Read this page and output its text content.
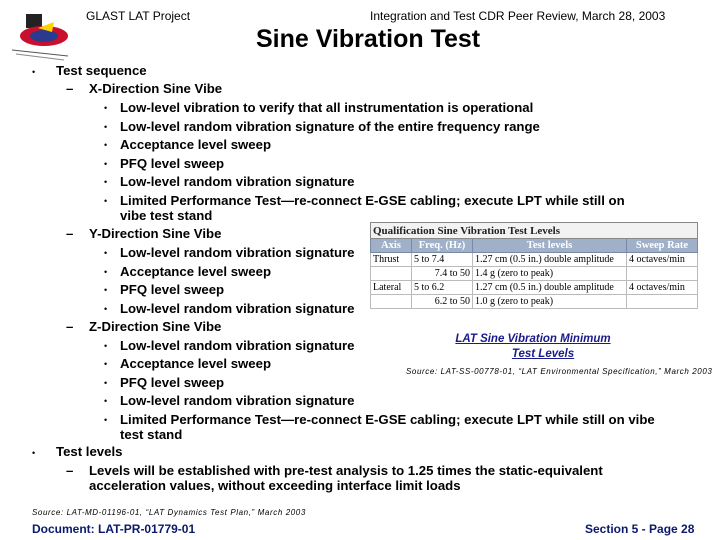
GLAST LAT Project	Integration and Test CDR Peer Review, March 28, 2003
Sine Vibration Test
• Test sequence
– X-Direction Sine Vibe
• Low-level vibration to verify that all instrumentation is operational
• Low-level random vibration signature of the entire frequency range
• Acceptance level sweep
• PFQ level sweep
• Low-level random vibration signature
• Limited Performance Test—re-connect E-GSE cabling; execute LPT while still on
vibe test stand
– Y-Direction Sine Vibe
• Low-level random vibration signature
• Acceptance level sweep
• PFQ level sweep
• Low-level random vibration signature
– Z-Direction Sine Vibe
• Low-level random vibration signature
• Acceptance level sweep
• PFQ level sweep
• Low-level random vibration signature
• Limited Performance Test—re-connect E-GSE cabling; execute LPT while still on vibe
test stand
• Test levels
– Levels will be established with pre-test analysis to 1.25 times the static-equivalent
acceleration values, without exceeding interface limit loads
Qualification Sine Vibration Test Levels			
Axis	Freq. (Hz)	Test levels	Sweep Rate
Thrust	5 to 7.4	1.27 cm (0.5 in.) double amplitude	4 octaves/min
	7.4 to 50	1.4 g (zero to peak)	
Lateral	5 to 6.2	1.27 cm (0.5 in.) double amplitude	4 octaves/min
	6.2 to 50	1.0 g (zero to peak)	
LAT Sine Vibration Minimum
Test Levels
Source: LAT-SS-00778-01, “LAT Environmental Specification,” March 2003
Source: LAT-MD-01196-01, “LAT Dynamics Test Plan,” March 2003
Document: LAT-PR-01779-01	Section 5 - Page 28
